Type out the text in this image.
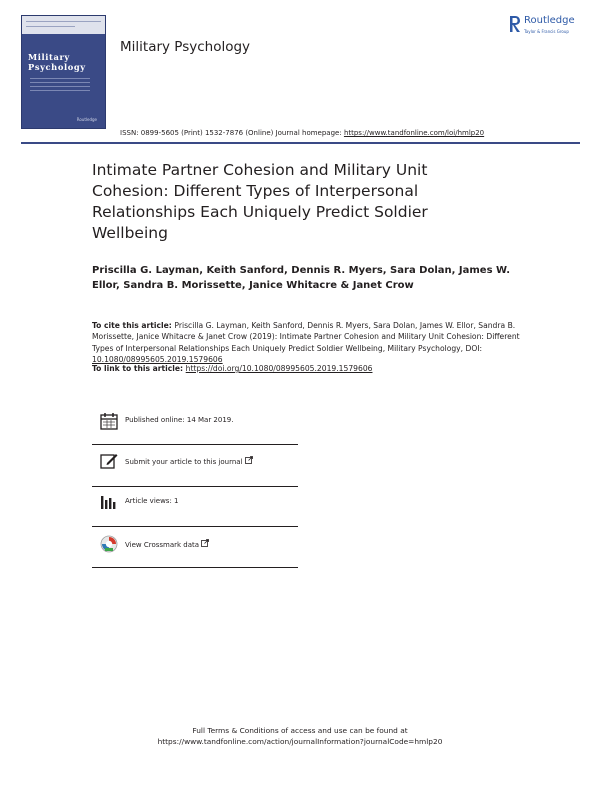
Military
Psychology
Routledge
Military Psychology
Routledge
Taylor & Francis Group
ISSN: 0899-5605 (Print) 1532-7876 (Online) Journal homepage: https://www.tandfonline.com/loi/hmlp20
Intimate Partner Cohesion and Military Unit Cohesion: Different Types of Interpersonal Relationships Each Uniquely Predict Soldier Wellbeing
Priscilla G. Layman, Keith Sanford, Dennis R. Myers, Sara Dolan, James W. Ellor, Sandra B. Morissette, Janice Whitacre & Janet Crow
To cite this article: Priscilla G. Layman, Keith Sanford, Dennis R. Myers, Sara Dolan, James W. Ellor, Sandra B. Morissette, Janice Whitacre & Janet Crow (2019): Intimate Partner Cohesion and Military Unit Cohesion: Different Types of Interpersonal Relationships Each Uniquely Predict Soldier Wellbeing, Military Psychology, DOI: 10.1080/08995605.2019.1579606
To link to this article: https://doi.org/10.1080/08995605.2019.1579606
Published online: 14 Mar 2019.
Submit your article to this journal
Article views: 1
View Crossmark data
Full Terms & Conditions of access and use can be found at
https://www.tandfonline.com/action/journalInformation?journalCode=hmlp20
